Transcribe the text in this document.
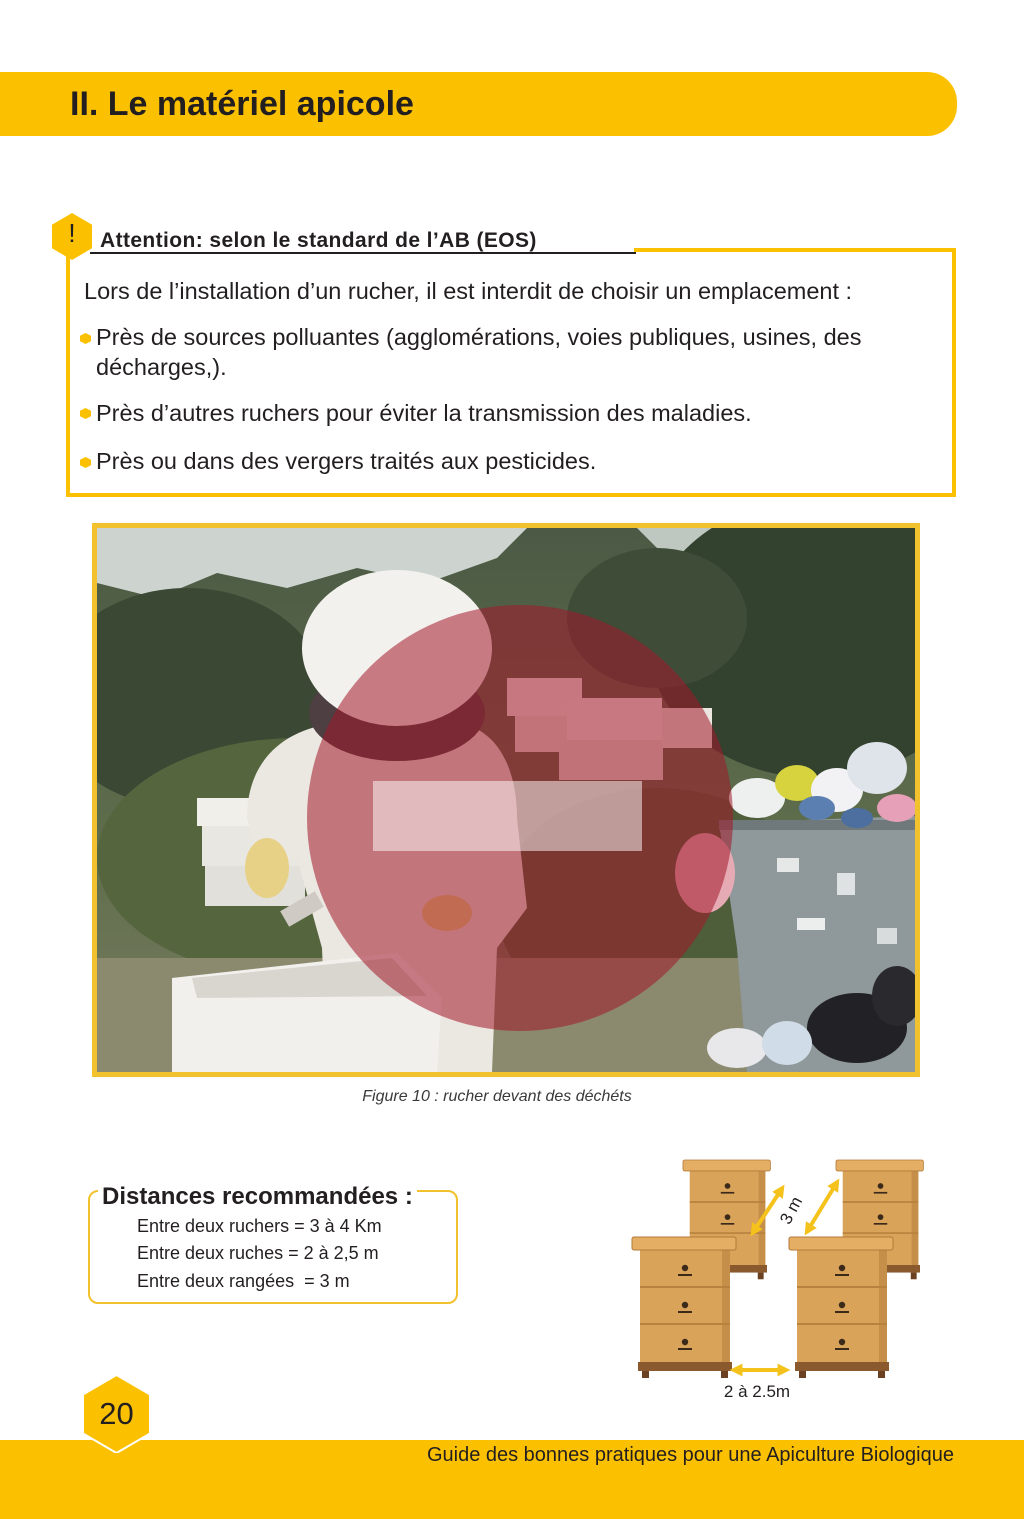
II. Le matériel apicole
!	Attention: selon le standard de l’AB (EOS)
Lors de l’installation d’un rucher, il est interdit de choisir un emplacement :
Près de sources polluantes (agglomérations, voies publiques, usines, des décharges,).
Près d’autres ruchers pour éviter la transmission des maladies.
Près ou dans des vergers traités aux pesticides.
Figure 10 : rucher devant des déchéts
Distances recommandées :
Entre deux ruchers = 3 à 4 Km
Entre deux ruches = 2 à 2,5 m
Entre deux rangées  = 3 m
3 m
2 à 2.5m
Guide des bonnes pratiques pour une Apiculture Biologique
20
